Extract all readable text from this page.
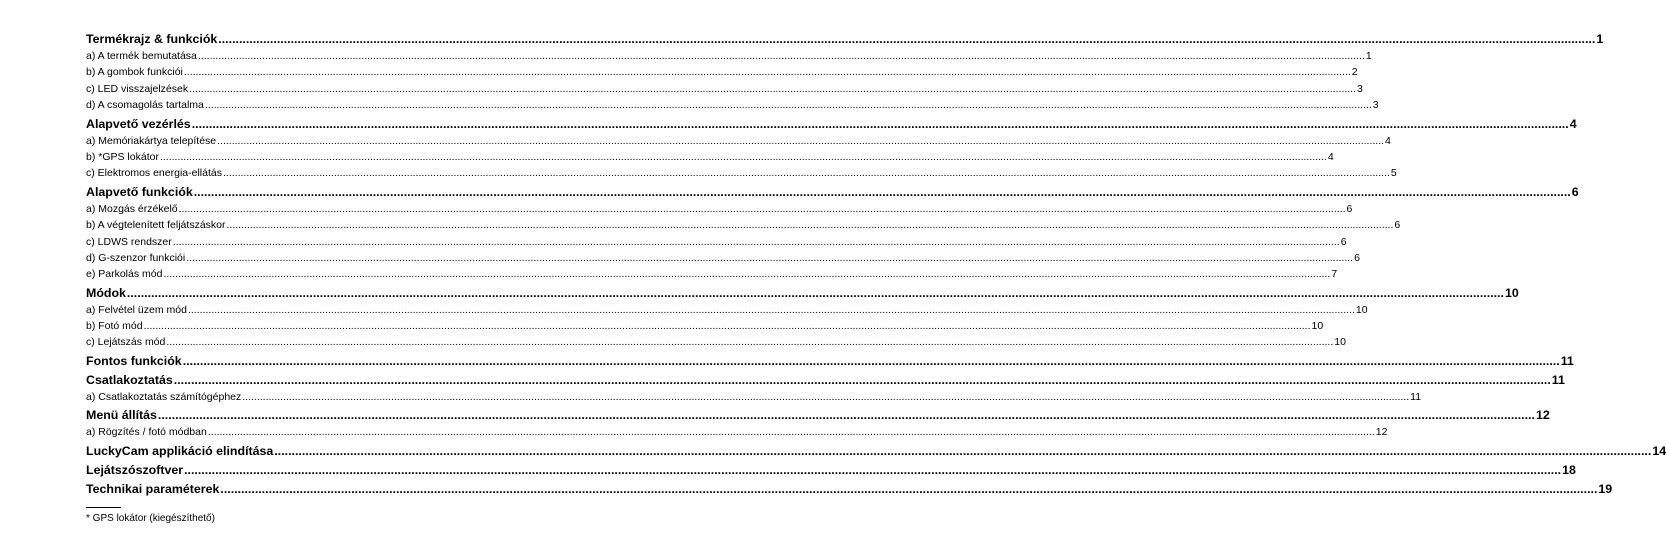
Termékrajz & funkciók ................................................................................................................................................................................................................................................................................................................................................................................................................ 1
a) A termék bemutatása ................................................................................................................................................................................................................................................................................................................................................................................................................ 1
b) A gombok funkciói ................................................................................................................................................................................................................................................................................................................................................................................................................ 2
c) LED visszajelzések ................................................................................................................................................................................................................................................................................................................................................................................................................ 3
d) A csomagolás tartalma ................................................................................................................................................................................................................................................................................................................................................................................................................ 3
Alapvető vezérlés ................................................................................................................................................................................................................................................................................................................................................................................................................ 4
a) Memóriakártya telepítése ................................................................................................................................................................................................................................................................................................................................................................................................................ 4
b) *GPS lokátor ................................................................................................................................................................................................................................................................................................................................................................................................................ 4
c) Elektromos energia-ellátás ................................................................................................................................................................................................................................................................................................................................................................................................................ 5
Alapvető funkciók ................................................................................................................................................................................................................................................................................................................................................................................................................ 6
a) Mozgás érzékelő ................................................................................................................................................................................................................................................................................................................................................................................................................ 6
b) A végtelenített feljátszáskor ................................................................................................................................................................................................................................................................................................................................................................................................................ 6
c) LDWS rendszer ................................................................................................................................................................................................................................................................................................................................................................................................................ 6
d) G-szenzor funkciói ................................................................................................................................................................................................................................................................................................................................................................................................................ 6
e) Parkolás mód ................................................................................................................................................................................................................................................................................................................................................................................................................ 7
Módok ................................................................................................................................................................................................................................................................................................................................................................................................................ 10
a) Felvétel üzem mód ................................................................................................................................................................................................................................................................................................................................................................................................................ 10
b) Fotó mód ................................................................................................................................................................................................................................................................................................................................................................................................................ 10
c) Lejátszás mód ................................................................................................................................................................................................................................................................................................................................................................................................................ 10
Fontos funkciók ................................................................................................................................................................................................................................................................................................................................................................................................................ 11
Csatlakoztatás ................................................................................................................................................................................................................................................................................................................................................................................................................ 11
a) Csatlakoztatás számítógéphez ................................................................................................................................................................................................................................................................................................................................................................................................................ 11
Menü állítás ................................................................................................................................................................................................................................................................................................................................................................................................................ 12
a) Rögzítés / fotó módban ................................................................................................................................................................................................................................................................................................................................................................................................................ 12
LuckyCam applikáció elindítása ................................................................................................................................................................................................................................................................................................................................................................................................................ 14
Lejátszószoftver ................................................................................................................................................................................................................................................................................................................................................................................................................ 18
Technikai paraméterek ................................................................................................................................................................................................................................................................................................................................................................................................................ 19
* GPS lokátor (kiegészíthető)
